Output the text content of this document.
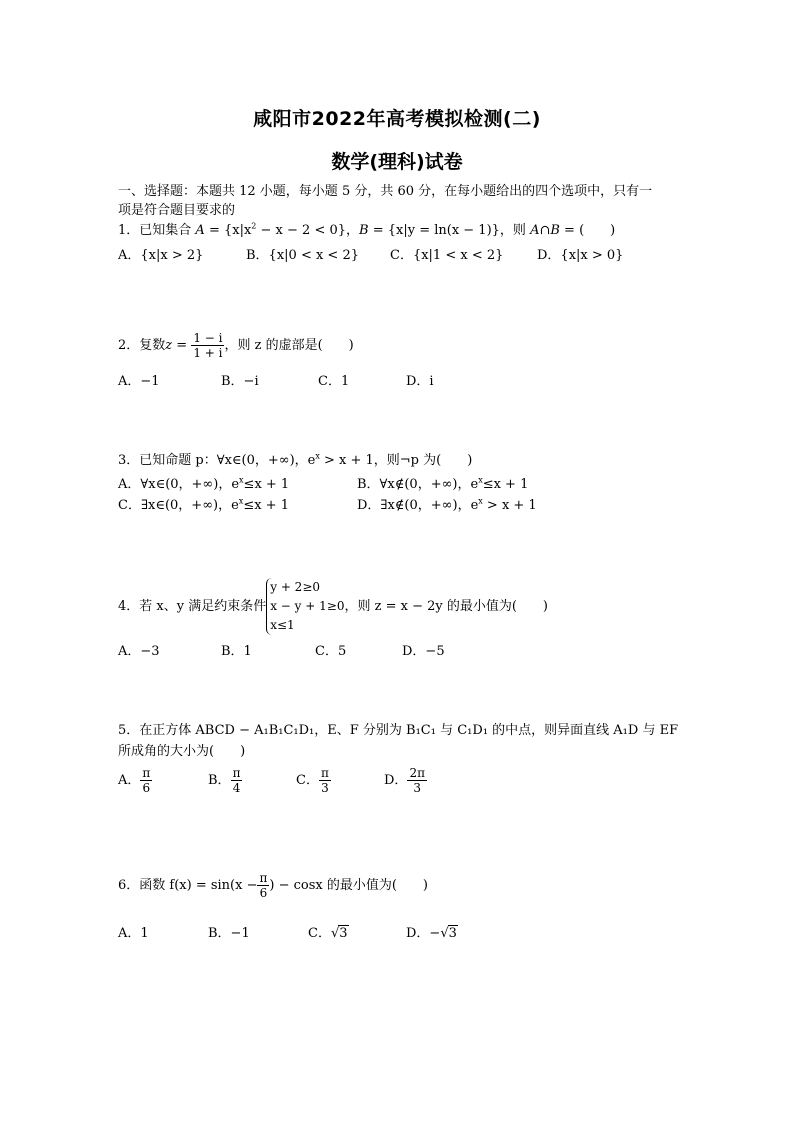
咸阳市2022年高考模拟检测(二)
数学(理科)试卷
一、选择题：本题共 12 小题，每小题 5 分，共 60 分，在每小题给出的四个选项中，只有一
项是符合题目要求的
1．已知集合 $A = \{x|x^2 - x - 2 < 0\}$，B = {x|y = ln(x − 1)}，则 A∩B = (　　)
A．{x|x > 2}	B．{x|0 < x < 2} C．{x|1 < x < 2}	D．{x|x > 0}
2．复数$z = \frac{1 - i}{1 + i}$ ，则 z 的虚部是(　　)
A．−1	B．−i	C．1	D．i
3．已知命题 p：∀x∈(0，+∞)，$e^x > x + 1$，则¬p 为(　　)
A．∀x∈(0，+∞)，$e^x\le x + 1$	B．∀x∉(0，+∞)，$e^x\le x + 1$
C．∃x∈(0，+∞)，$e^x\le x + 1$	D．∃x∉(0，+∞)，$e^x > x + 1$
4．若 x、y 满足约束条件
y + 2≥0
x − y + 1≥0
x≤1
，则 z = x − 2y 的最小值为(　　)
A．−3	B．1	C．5	D．−5
5．在正方体 ABCD − A₁B₁C₁D₁，E、F 分别为 B₁C₁ 与 C₁D₁ 的中点，则异面直线 A₁D 与 EF
所成角的大小为(　　)
A． $\frac{\pi}{6}$	B． $\frac{\pi}{4}$	C． $\frac{\pi}{3}$	D． $\frac{2\pi}{3}$
6．函数 $f(x) = \sin(x - \frac{\pi}{6}$ ) − cosx 的最小值为(　　)
A．1	B．−1	C．√3	D．−√3
